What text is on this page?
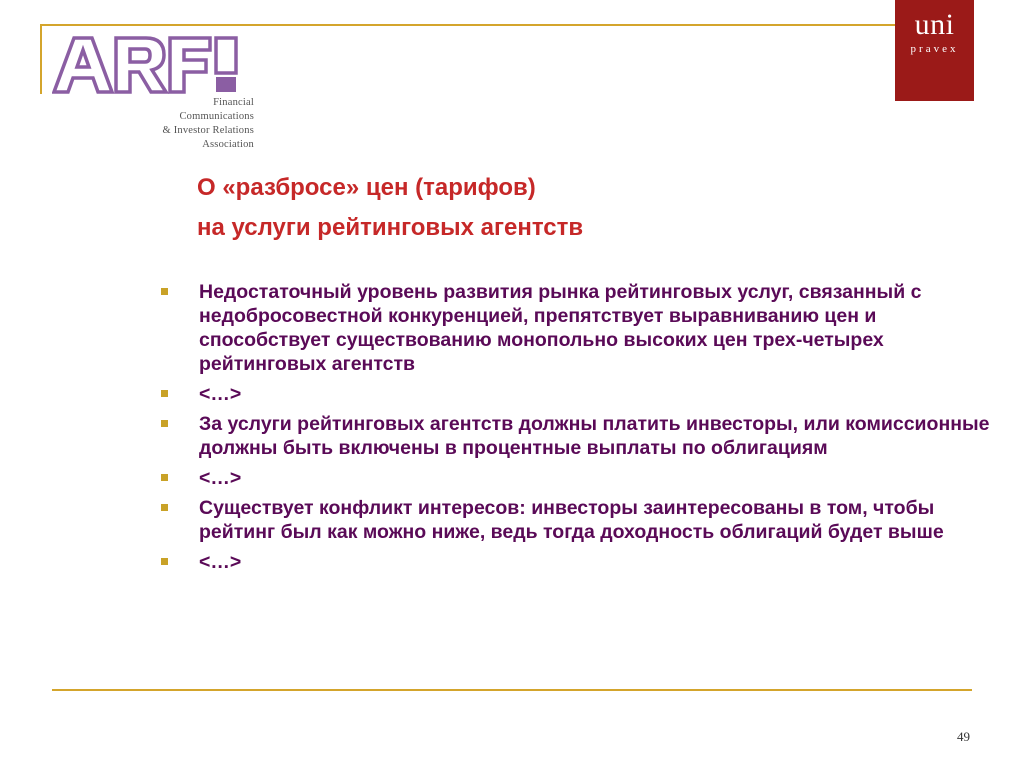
Financial
Communications
& Investor Relations
Association
uni
pravex
О «разбросе» цен (тарифов)
на услуги рейтинговых агентств
Недостаточный уровень развития рынка рейтинговых услуг, связанный с недобросовестной конкуренцией, препятствует выравниванию цен и способствует существованию монопольно высоких цен трех-четырех рейтинговых агентств
<…>
За услуги рейтинговых агентств должны платить инвесторы, или комиссионные должны быть включены в процентные выплаты по облигациям
<…>
Существует конфликт интересов: инвесторы заинтересованы в том, чтобы рейтинг был как можно ниже, ведь тогда доходность облигаций будет выше
<…>
49
